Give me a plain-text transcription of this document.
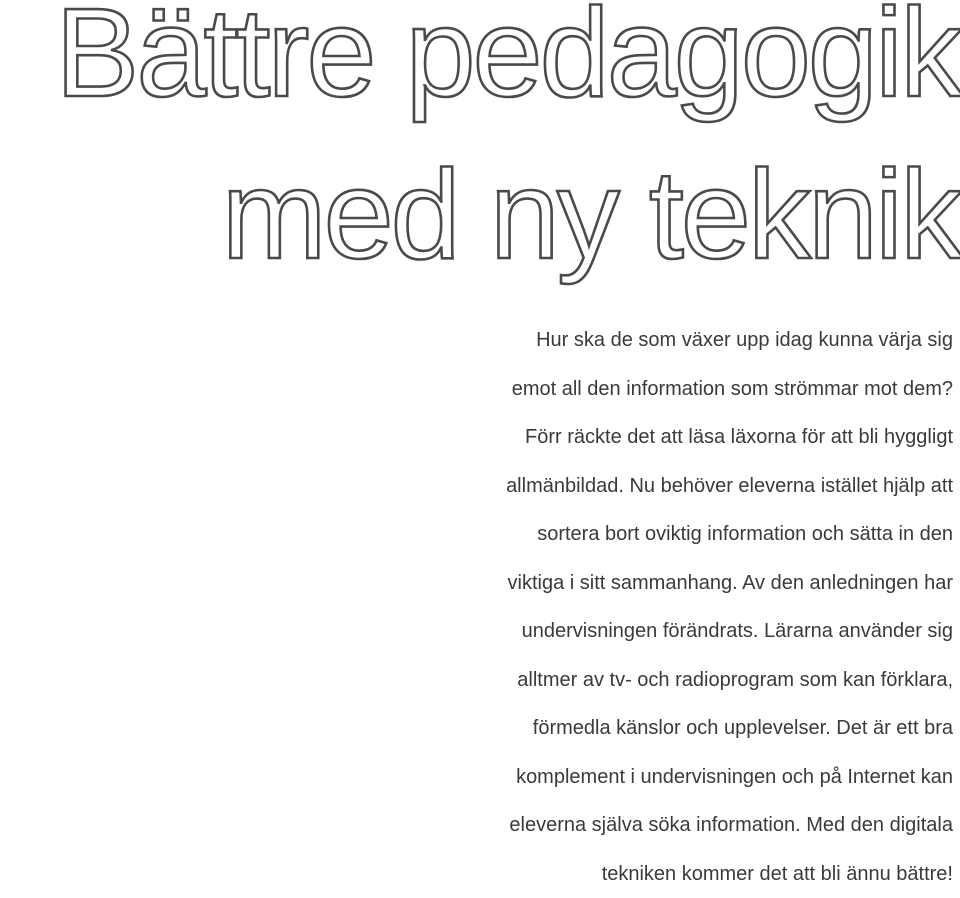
Bättre pedagogik
med ny teknik

Hur ska de som växer upp idag kunna värja sig
emot all den information som strömmar mot dem?
Förr räckte det att läsa läxorna för att bli hyggligt
allmänbildad. Nu behöver eleverna istället hjälp att
sortera bort oviktig information och sätta in den
viktiga i sitt sammanhang. Av den anledningen har
undervisningen förändrats. Lärarna använder sig
alltmer av tv- och radioprogram som kan förklara,
förmedla känslor och upplevelser. Det är ett bra
komplement i undervisningen och på Internet kan
eleverna själva söka information. Med den digitala
tekniken kommer det att bli ännu bättre!
